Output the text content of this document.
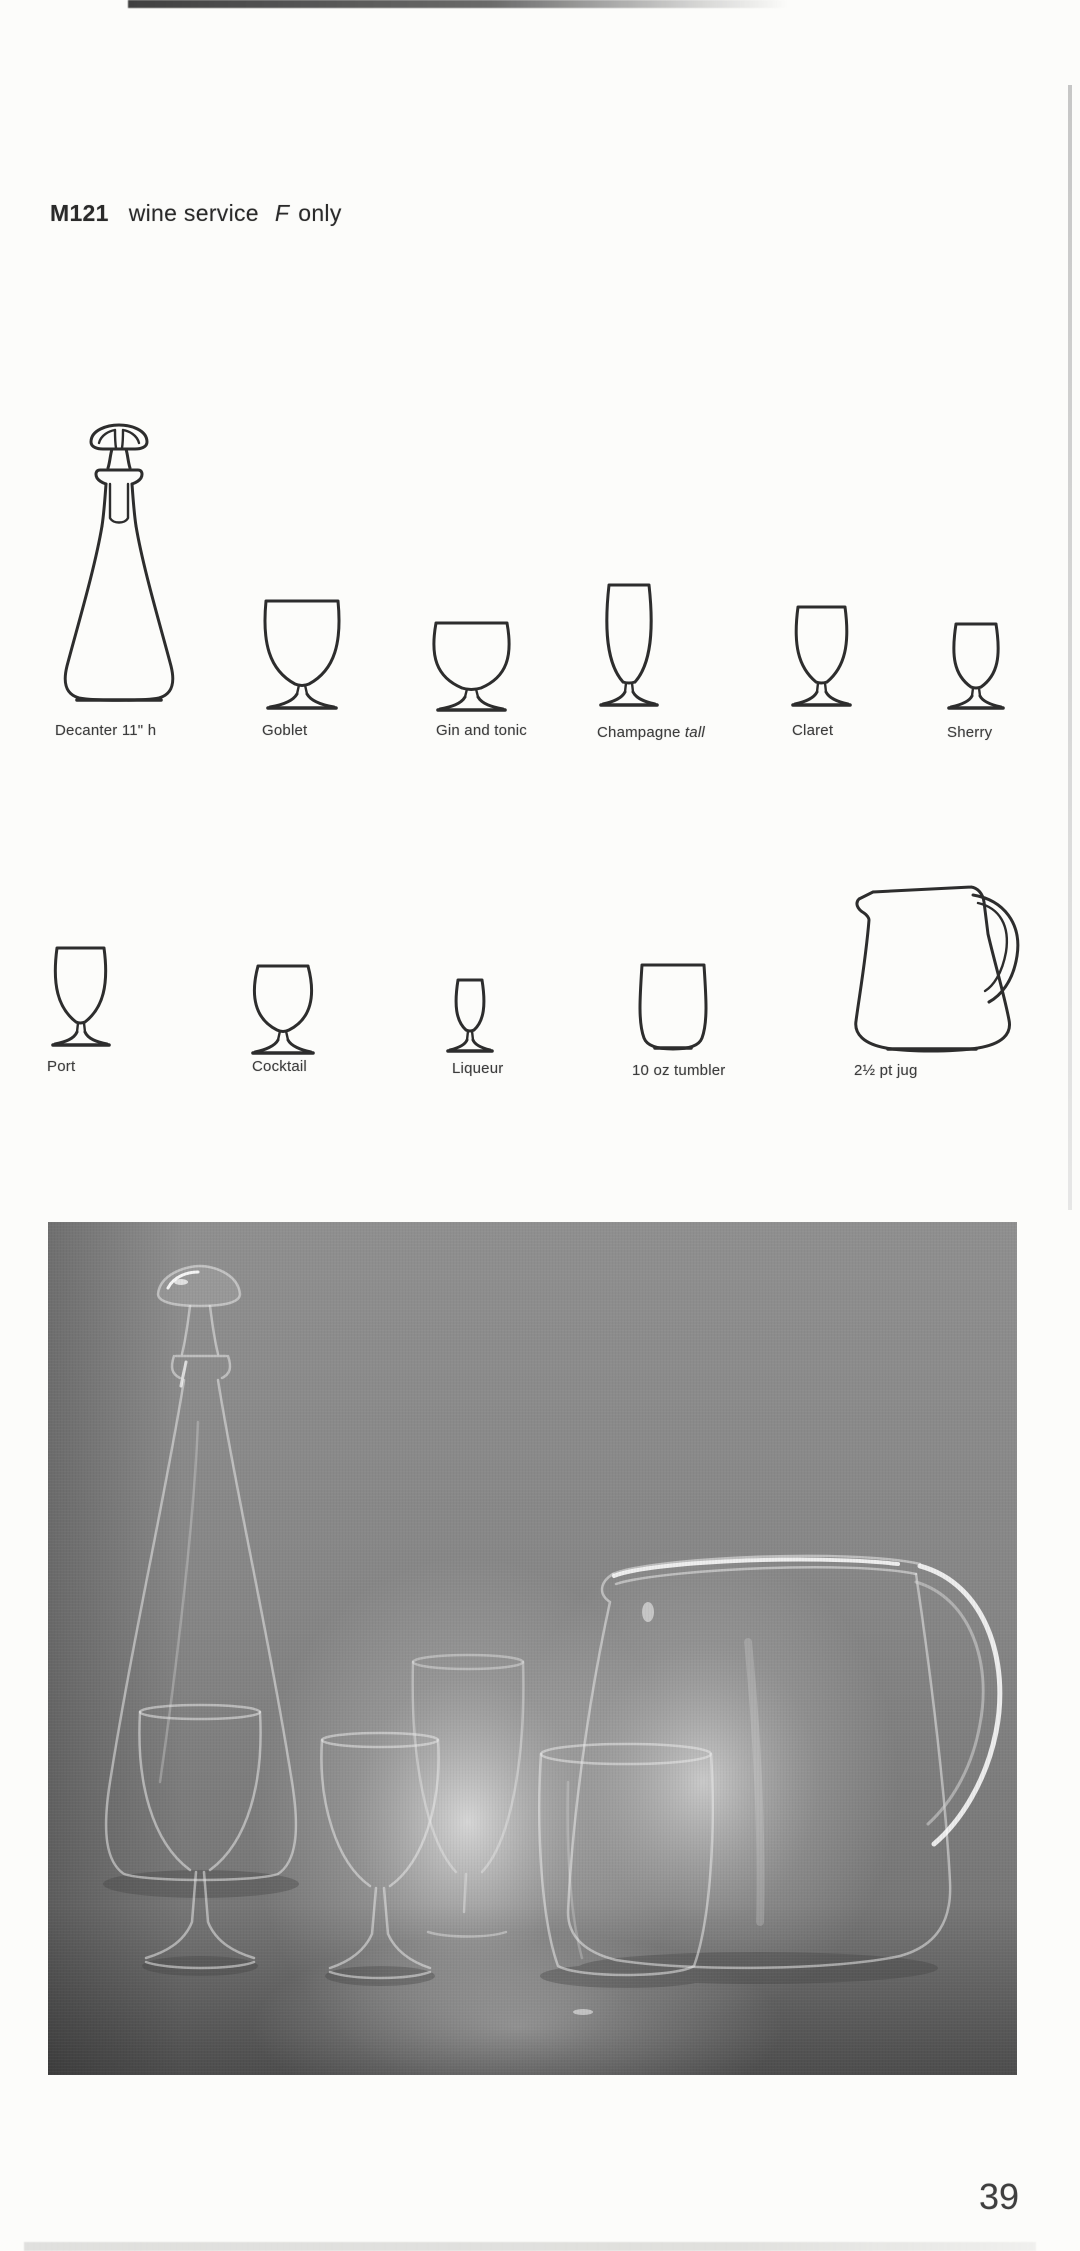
M121 wine service F only
Decanter 11" h	Goblet	Gin and tonic	Champagne tall	Claret	Sherry
Port	Cocktail	Liqueur	10 oz tumbler	2½ pt jug
39
